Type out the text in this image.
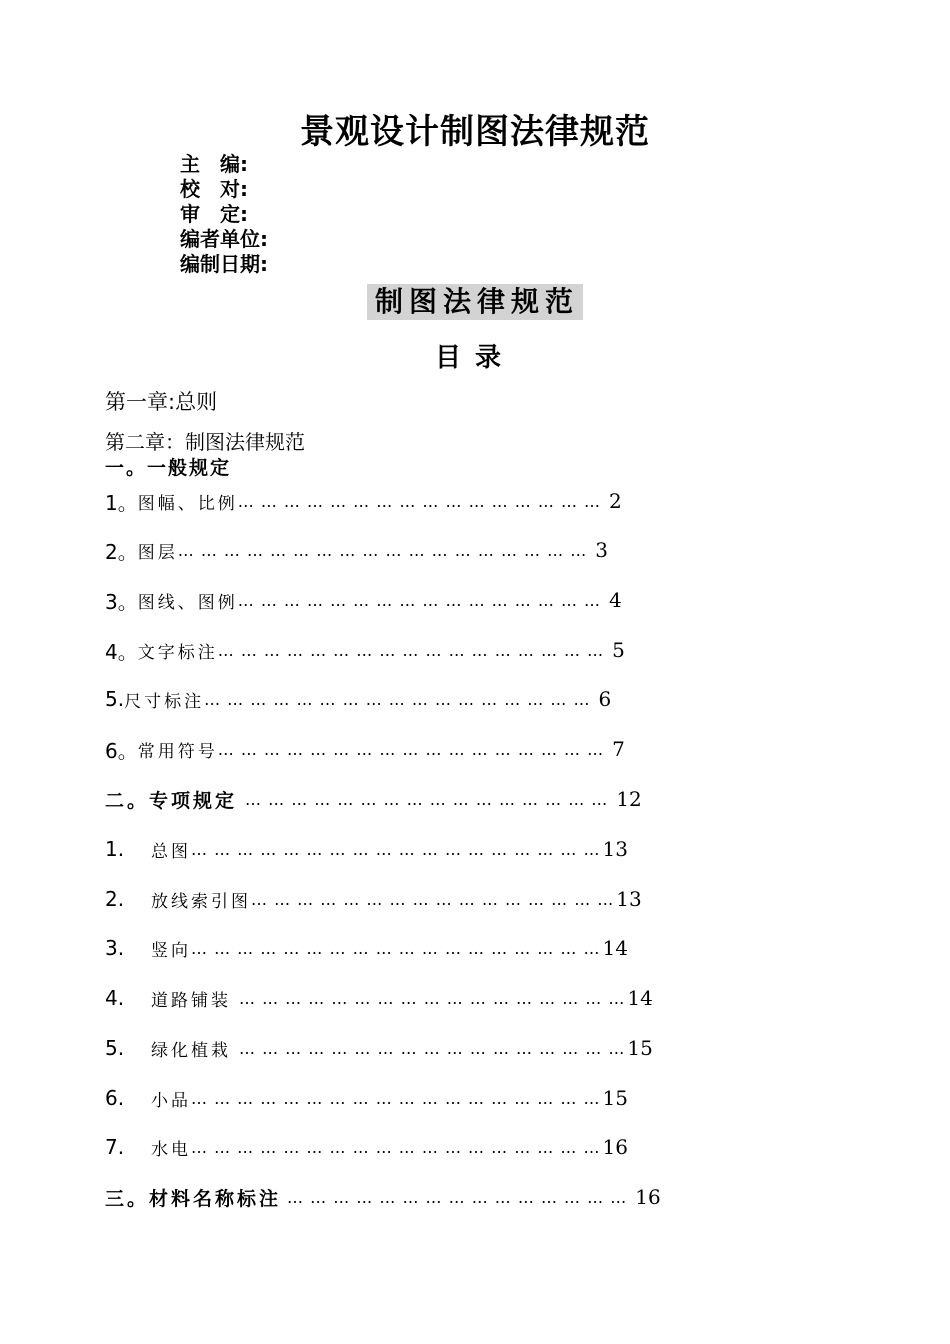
景观设计制图法律规范
主　编:
校　对:
审　定:
编者单位:
编制日期:
制图法律规范
目录
第一章:总则
第二章：制图法律规范
一。一般规定
1。 图幅、比例 … … … … … … … … … … … … … … … … 2
2。 图层 … … … … … … … … … … … … … … … … … … 3
3。 图线、图例 … … … … … … … … … … … … … … … … 4
4。 文字标注 … … … … … … … … … … … … … … … … … 5
5. 尺寸标注 … … … … … … … … … … … … … … … … … 6
6。 常用符号 … … … … … … … … … … … … … … … … … 7
二。专项规定 … … … … … … … … … … … … … … … … 12
1.	总图 … … … … … … … … … … … … … … … … … … 13
2.	放线索引图 … … … … … … … … … … … … … … … … 13
3.	竖向 … … … … … … … … … … … … … … … … … … 14
4.	道路铺装 … … … … … … … … … … … … … … … … … 14
5.	绿化植栽 … … … … … … … … … … … … … … … … … 15
6.	小品 … … … … … … … … … … … … … … … … … … 15
7.	水电 … … … … … … … … … … … … … … … … … … 16
三。材料名称标注 … … … … … … … … … … … … … … … 16
